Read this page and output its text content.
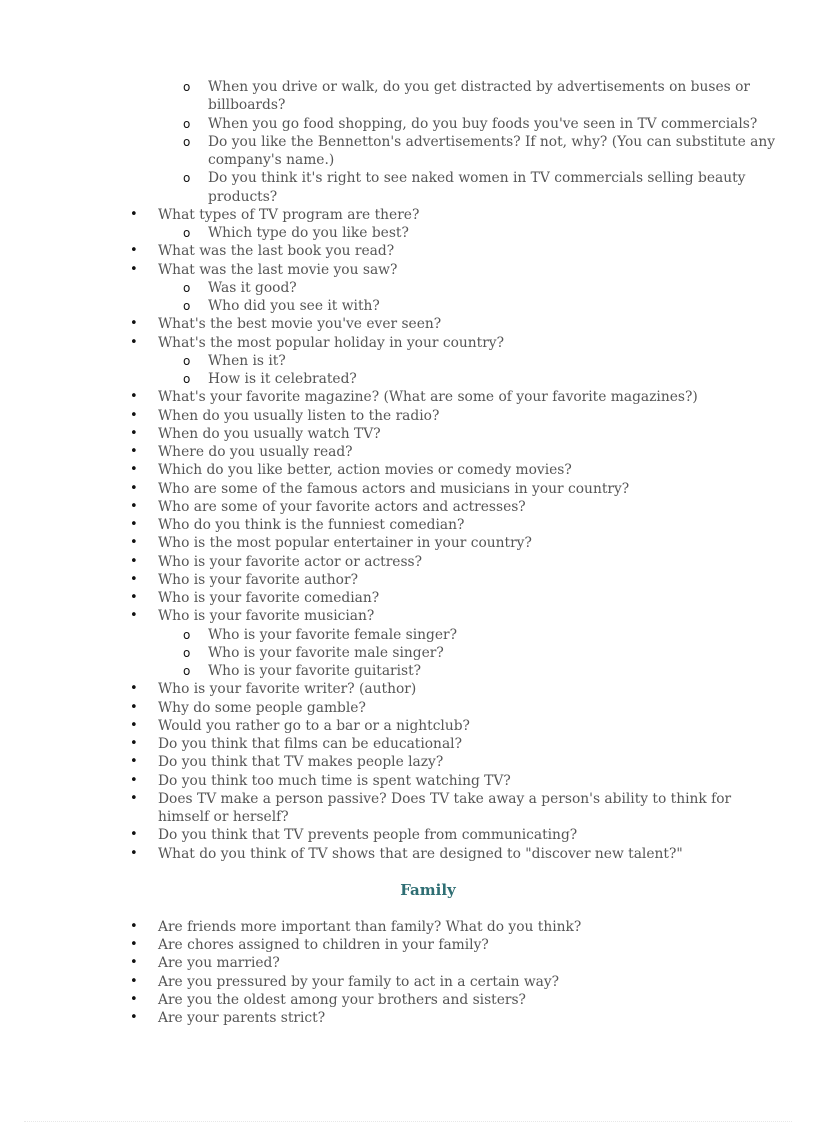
o
When you drive or walk, do you get distracted by advertisements on buses or
billboards?
o
When you go food shopping, do you buy foods you've seen in TV commercials?
o
Do you like the Bennetton's advertisements? If not, why? (You can substitute any
company's name.)
o
Do you think it's right to see naked women in TV commercials selling beauty
products?
•
What types of TV program are there?
o
Which type do you like best?
•
What was the last book you read?
•
What was the last movie you saw?
o
Was it good?
o
Who did you see it with?
•
What's the best movie you've ever seen?
•
What's the most popular holiday in your country?
o
When is it?
o
How is it celebrated?
•
What's your favorite magazine? (What are some of your favorite magazines?)
•
When do you usually listen to the radio?
•
When do you usually watch TV?
•
Where do you usually read?
•
Which do you like better, action movies or comedy movies?
•
Who are some of the famous actors and musicians in your country?
•
Who are some of your favorite actors and actresses?
•
Who do you think is the funniest comedian?
•
Who is the most popular entertainer in your country?
•
Who is your favorite actor or actress?
•
Who is your favorite author?
•
Who is your favorite comedian?
•
Who is your favorite musician?
o
Who is your favorite female singer?
o
Who is your favorite male singer?
o
Who is your favorite guitarist?
•
Who is your favorite writer? (author)
•
Why do some people gamble?
•
Would you rather go to a bar or a nightclub?
•
Do you think that films can be educational?
•
Do you think that TV makes people lazy?
•
Do you think too much time is spent watching TV?
•
Does TV make a person passive? Does TV take away a person's ability to think for
himself or herself?
•
Do you think that TV prevents people from communicating?
•
What do you think of TV shows that are designed to "discover new talent?"
Family
•
Are friends more important than family? What do you think?
•
Are chores assigned to children in your family?
•
Are you married?
•
Are you pressured by your family to act in a certain way?
•
Are you the oldest among your brothers and sisters?
•
Are your parents strict?
